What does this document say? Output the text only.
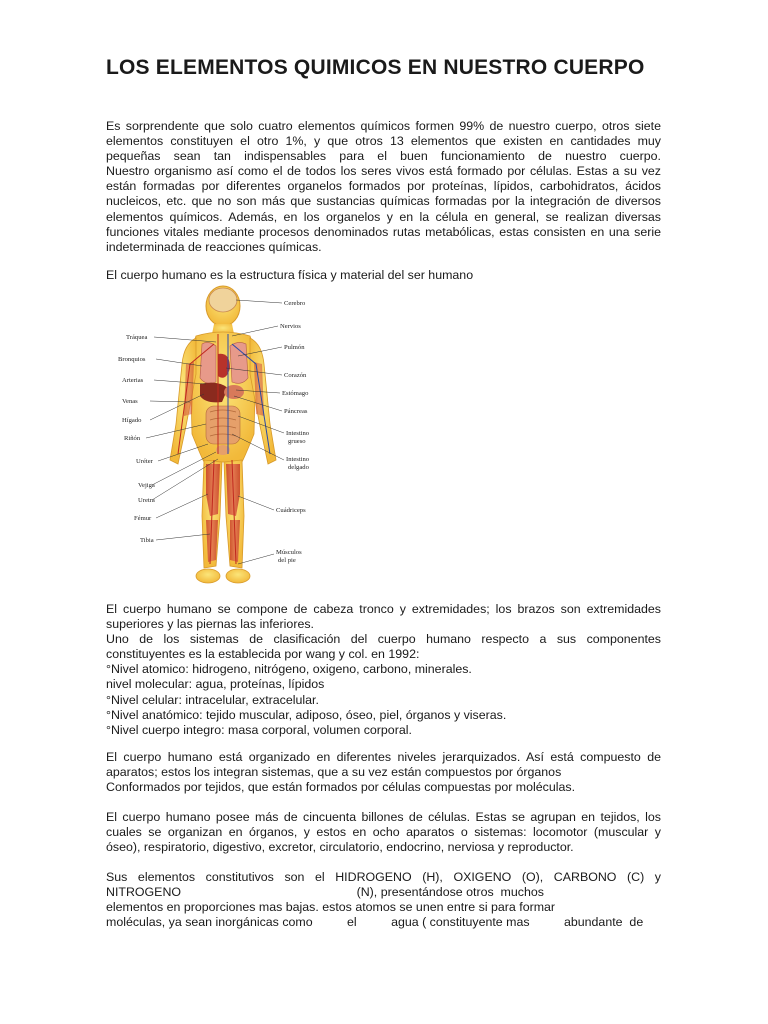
LOS ELEMENTOS QUIMICOS EN NUESTRO CUERPO
Es sorprendente que solo cuatro elementos químicos formen 99% de nuestro cuerpo, otros siete
elementos constituyen el otro 1%, y que otros 13 elementos que existen en cantidades muy
pequeñas sean tan indispensables para el buen funcionamiento de nuestro cuerpo.
Nuestro organismo así como el de todos los seres vivos está formado por células. Estas a su vez
están formadas por diferentes organelos formados por proteínas, lípidos, carbohidratos, ácidos
nucleicos, etc. que no son más que sustancias químicas formadas por la integración de diversos
elementos químicos. Además, en los organelos y en la célula en general, se realizan diversas
funciones vitales mediante procesos denominados rutas metabólicas, estas consisten en una serie
indeterminada de reacciones químicas.
El cuerpo humano es la estructura física y material del ser humano
Tráquea
Bronquios
Arterias
Venas
Hígado
Riñón
Uréter
Vejiga
Uretra
Fémur
Tibia
Cerebro
Nervios
Pulmón
Corazón
Estómago
Páncreas
Intestino
grueso
Intestino
delgado
Cuádriceps
Músculos
del pie
El cuerpo humano se compone de cabeza tronco y extremidades; los brazos son extremidades
superiores y las piernas las inferiores.
Uno de los sistemas de clasificación del cuerpo humano respecto a sus componentes
constituyentes es la establecida por wang y col. en 1992:
°Nivel atomico: hidrogeno, nitrógeno, oxigeno, carbono, minerales.
nivel molecular: agua, proteínas, lípidos
°Nivel celular: intracelular, extracelular.
°Nivel anatómico: tejido muscular, adiposo, óseo, piel, órganos y viseras.
°Nivel cuerpo integro: masa corporal, volumen corporal.
El cuerpo humano está organizado en diferentes niveles jerarquizados. Así está compuesto de
aparatos; estos los integran sistemas, que a su vez están compuestos por órganos
Conformados por tejidos, que están formados por células compuestas por moléculas.
El cuerpo humano posee más de cincuenta billones de células. Estas se agrupan en tejidos, los
cuales se organizan en órganos, y estos en ocho aparatos o sistemas: locomotor (muscular y
óseo), respiratorio, digestivo, excretor, circulatorio, endocrino, nerviosa y reproductor.
Sus elementos constitutivos son el HIDROGENO (H), OXIGENO (O), CARBONO (C) y
NITROGENO                                                   (N), presentándose otros  muchos
elementos en proporciones mas bajas. estos atomos se unen entre si para formar
moléculas, ya sean inorgánicas como          el          agua ( constituyente mas          abundante  de
